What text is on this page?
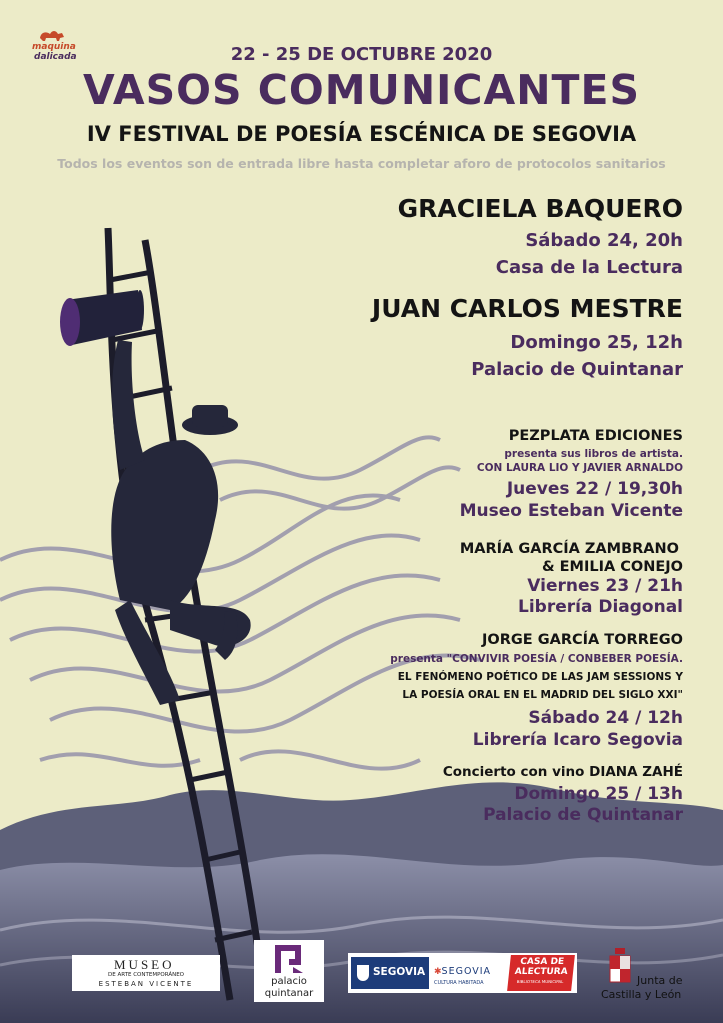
maquina
dalicada	22 - 25 DE OCTUBRE 2020
VASOS COMUNICANTES
IV FESTIVAL DE POESÍA ESCÉNICA DE SEGOVIA
Todos los eventos son de entrada libre hasta completar aforo de protocolos sanitarios
GRACIELA BAQUERO
Sábado 24, 20h
Casa de la Lectura
JUAN CARLOS MESTRE
Domingo 25, 12h
Palacio de Quintanar
PEZPLATA EDICIONES
presenta sus libros de artista.
CON LAURA LIO Y JAVIER ARNALDO
Jueves 22 / 19,30h
Museo Esteban Vicente
MARÍA GARCÍA ZAMBRANO
& EMILIA CONEJO
Viernes 23 / 21h
Librería Diagonal
JORGE GARCÍA TORREGO
presenta "CONVIVIR POESÍA / CONBEBER POESÍA.
EL FENÓMENO POÉTICO DE LAS JAM SESSIONS Y
LA POESÍA ORAL EN EL MADRID DEL SIGLO XXI"
Sábado 24 / 12h
Librería Icaro Segovia
Concierto con vino DIANA ZAHÉ
Domingo 25 / 13h
Palacio de Quintanar
MUSEO
DE ARTE CONTEMPORÁNEO
ESTEBAN VICENTE	palacio
quintanar
SEGOVIA ✱SEGOVIA
CULTURA HABITADA
CASA DE
ALECTURA
BIBLIOTECA MUNICIPAL	Junta de
Castilla y León
